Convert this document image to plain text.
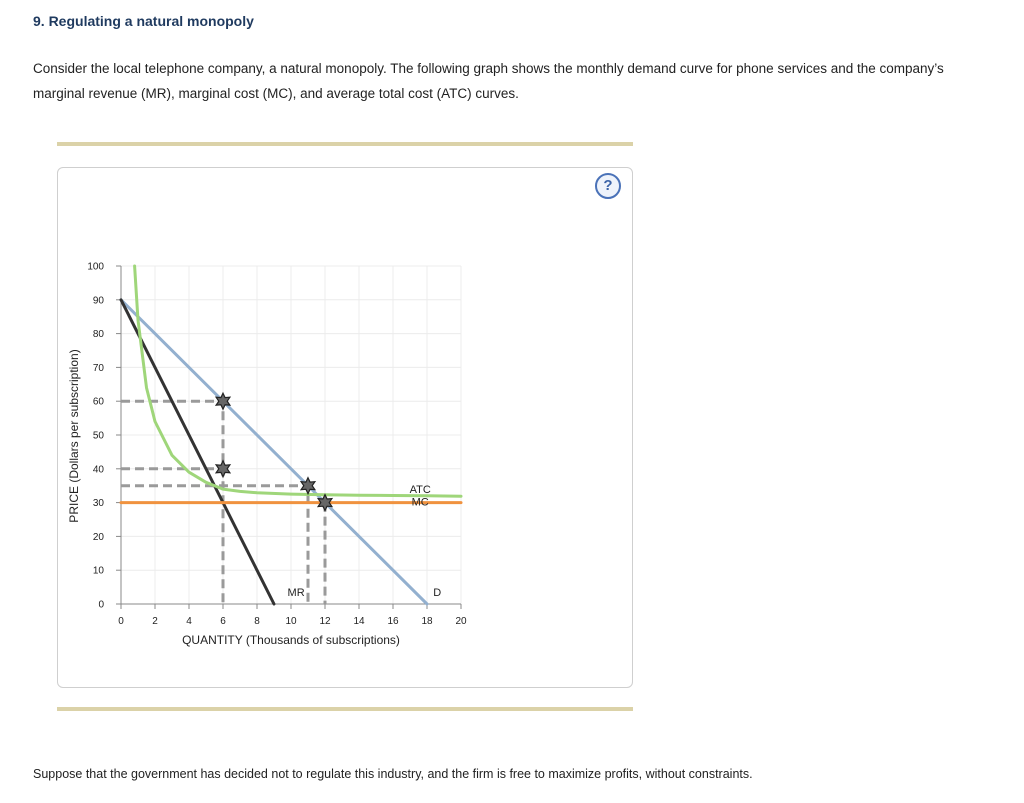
9. Regulating a natural monopoly
Consider the local telephone company, a natural monopoly. The following graph shows the monthly demand curve for phone services and the company’s marginal revenue (MR), marginal cost (MC), and average total cost (ATC) curves.
?
0	2	4	6	8	10 12 14 16 18 20
0
10
20
30
40
50
60
70
80
90
100
ATC
MC
MR	D
QUANTITY (Thousands of subscriptions)
PRICE (Dollars per subscription)
Suppose that the government has decided not to regulate this industry, and the firm is free to maximize profits, without constraints.
